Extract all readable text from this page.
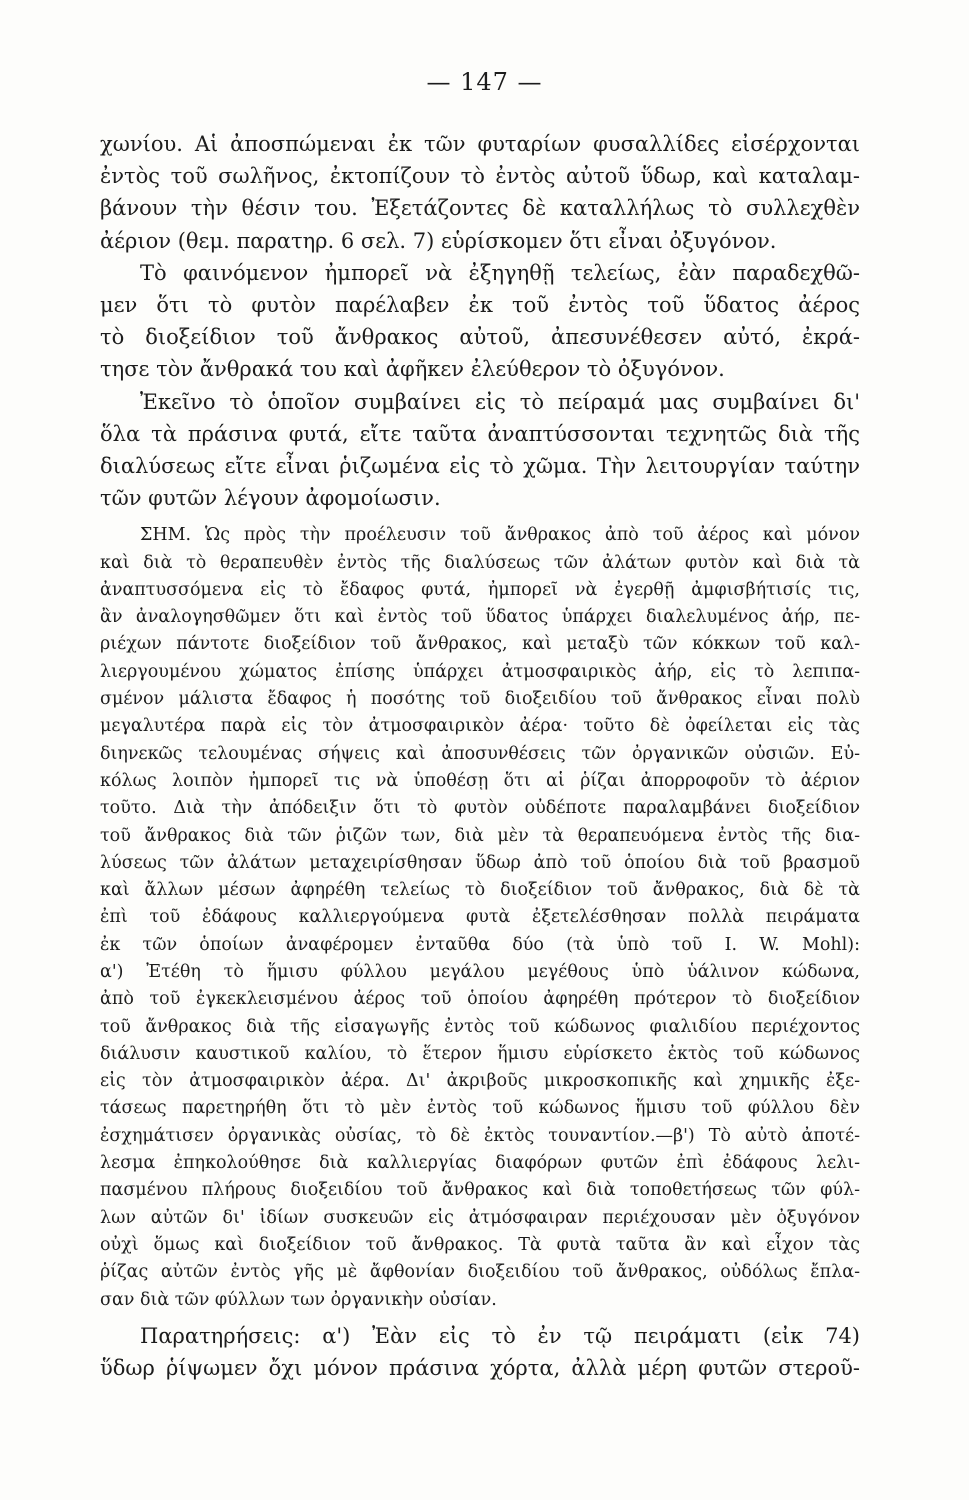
— 147 —
χωνίου. Αἱ ἀποσπώμεναι ἐκ τῶν φυταρίων φυσαλλίδες εἰσέρχονται
ἐντὸς τοῦ σωλῆνος, ἐκτοπίζουν τὸ ἐντὸς αὐτοῦ ὕδωρ, καὶ καταλαμ-
βάνουν τὴν θέσιν του. Ἐξετάζοντες δὲ καταλλήλως τὸ συλλεχθὲν
ἀέριον (θεμ. παρατηρ. 6 σελ. 7) εὑρίσκομεν ὅτι εἶναι ὀξυγόνον.
Τὸ φαινόμενον ἠμπορεῖ νὰ ἐξηγηθῇ τελείως, ἐὰν παραδεχθῶ-
μεν ὅτι τὸ φυτὸν παρέλαβεν ἐκ τοῦ ἐντὸς τοῦ ὕδατος ἀέρος
τὸ διοξείδιον τοῦ ἄνθρακος αὐτοῦ, ἀπεσυνέθεσεν αὐτό, ἐκρά-
τησε τὸν ἄνθρακά του καὶ ἀφῆκεν ἐλεύθερον τὸ ὀξυγόνον.
Ἐκεῖνο τὸ ὁποῖον συμβαίνει εἰς τὸ πείραμά μας συμβαίνει δι'
ὅλα τὰ πράσινα φυτά, εἴτε ταῦτα ἀναπτύσσονται τεχνητῶς διὰ τῆς
διαλύσεως εἴτε εἶναι ῥιζωμένα εἰς τὸ χῶμα. Τὴν λειτουργίαν ταύτην
τῶν φυτῶν λέγουν ἀφομοίωσιν.
ΣΗΜ. Ὡς πρὸς τὴν προέλευσιν τοῦ ἄνθρακος ἀπὸ τοῦ ἀέρος καὶ μόνον
καὶ διὰ τὸ θεραπευθὲν ἐντὸς τῆς διαλύσεως τῶν ἀλάτων φυτὸν καὶ διὰ τὰ
ἀναπτυσσόμενα εἰς τὸ ἔδαφος φυτά, ἠμπορεῖ νὰ ἐγερθῇ ἀμφισβήτισίς τις,
ἂν ἀναλογησθῶμεν ὅτι καὶ ἐντὸς τοῦ ὕδατος ὑπάρχει διαλελυμένος ἀήρ, πε-
ριέχων πάντοτε διοξείδιον τοῦ ἄνθρακος, καὶ μεταξὺ τῶν κόκκων τοῦ καλ-
λιεργουμένου χώματος ἐπίσης ὑπάρχει ἀτμοσφαιρικὸς ἀήρ, εἰς τὸ λεπιπα-
σμένον μάλιστα ἔδαφος ἡ ποσότης τοῦ διοξειδίου τοῦ ἄνθρακος εἶναι πολὺ
μεγαλυτέρα παρὰ εἰς τὸν ἀτμοσφαιρικὸν ἀέρα· τοῦτο δὲ ὀφείλεται εἰς τὰς
διηνεκῶς τελουμένας σήψεις καὶ ἀποσυνθέσεις τῶν ὀργανικῶν οὐσιῶν. Εὐ-
κόλως λοιπὸν ἠμπορεῖ τις νὰ ὑποθέσῃ ὅτι αἱ ῥίζαι ἀπορροφοῦν τὸ ἀέριον
τοῦτο. Διὰ τὴν ἀπόδειξιν ὅτι τὸ φυτὸν οὐδέποτε παραλαμβάνει διοξείδιον
τοῦ ἄνθρακος διὰ τῶν ῥιζῶν των, διὰ μὲν τὰ θεραπευόμενα ἐντὸς τῆς δια-
λύσεως τῶν ἀλάτων μεταχειρίσθησαν ὕδωρ ἀπὸ τοῦ ὁποίου διὰ τοῦ βρασμοῦ
καὶ ἄλλων μέσων ἀφηρέθη τελείως τὸ διοξείδιον τοῦ ἄνθρακος, διὰ δὲ τὰ
ἐπὶ τοῦ ἐδάφους καλλιεργούμενα φυτὰ ἐξετελέσθησαν πολλὰ πειράματα
ἐκ τῶν ὁποίων ἀναφέρομεν ἐνταῦθα δύο (τὰ ὑπὸ τοῦ I. W. Mohl):
α') Ἐτέθη τὸ ἥμισυ φύλλου μεγάλου μεγέθους ὑπὸ ὑάλινον κώδωνα,
ἀπὸ τοῦ ἐγκεκλεισμένου ἀέρος τοῦ ὁποίου ἀφηρέθη πρότερον τὸ διοξείδιον
τοῦ ἄνθρακος διὰ τῆς εἰσαγωγῆς ἐντὸς τοῦ κώδωνος φιαλιδίου περιέχοντος
διάλυσιν καυστικοῦ καλίου, τὸ ἕτερον ἥμισυ εὑρίσκετο ἐκτὸς τοῦ κώδωνος
εἰς τὸν ἀτμοσφαιρικὸν ἀέρα. Δι' ἀκριβοῦς μικροσκοπικῆς καὶ χημικῆς ἐξε-
τάσεως παρετηρήθη ὅτι τὸ μὲν ἐντὸς τοῦ κώδωνος ἥμισυ τοῦ φύλλου δὲν
ἐσχημάτισεν ὀργανικὰς οὐσίας, τὸ δὲ ἐκτὸς τουναντίον.—β') Τὸ αὐτὸ ἀποτέ-
λεσμα ἐπηκολούθησε διὰ καλλιεργίας διαφόρων φυτῶν ἐπὶ ἐδάφους λελι-
πασμένου πλήρους διοξειδίου τοῦ ἄνθρακος καὶ διὰ τοποθετήσεως τῶν φύλ-
λων αὐτῶν δι' ἰδίων συσκευῶν εἰς ἀτμόσφαιραν περιέχουσαν μὲν ὀξυγόνον
οὐχὶ ὅμως καὶ διοξείδιον τοῦ ἄνθρακος. Τὰ φυτὰ ταῦτα ἂν καὶ εἶχον τὰς
ῥίζας αὐτῶν ἐντὸς γῆς μὲ ἄφθονίαν διοξειδίου τοῦ ἄνθρακος, οὐδόλως ἔπλα-
σαν διὰ τῶν φύλλων των ὀργανικὴν οὐσίαν.
Παρατηρήσεις: α') Ἐὰν εἰς τὸ ἐν τῷ πειράματι (εἰκ 74)
ὕδωρ ῥίψωμεν ὄχι μόνον πράσινα χόρτα, ἀλλὰ μέρη φυτῶν στεροῦ-
